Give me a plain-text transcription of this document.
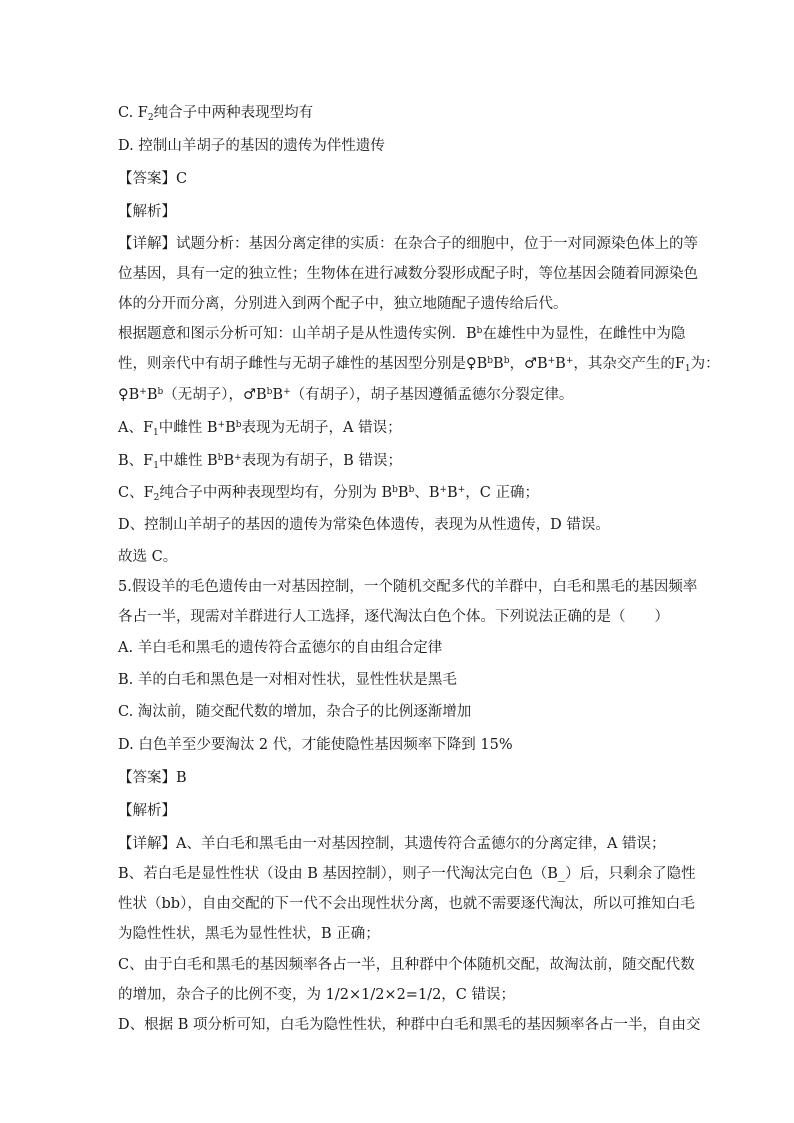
C. $F_2$纯合子中两种表现型均有
D. 控制山羊胡子的基因的遗传为伴性遗传
【答案】C
【解析】
【详解】试题分析：基因分离定律的实质：在杂合子的细胞中，位于一对同源染色体上的等
位基因，具有一定的独立性；生物体在进行减数分裂形成配子时，等位基因会随着同源染色
体的分开而分离，分别进入到两个配子中，独立地随配子遗传给后代。
根据题意和图示分析可知：山羊胡子是从性遗传实例．$B^b$在雄性中为显性，在雌性中为隐
性，则亲代中有胡子雌性与无胡子雄性的基因型分别是$♀B^bB^b$，♂B+B+，其杂交产生的$F_1$为：
$♀B^+B^b$（无胡子），$♂B^bB^+$（有胡子），胡子基因遵循孟德尔分裂定律。
A、$F_1$中雌性 $B^+B^b$表现为无胡子，A 错误；
B、$F_1$中雄性 $B^bB^+$表现为有胡子，B 错误；
C、$F_2$纯合子中两种表现型均有，分别为 $B^bB^b$、B+B+，C 正确；
D、控制山羊胡子的基因的遗传为常染色体遗传，表现为从性遗传，D 错误。
故选 C。
5.假设羊的毛色遗传由一对基因控制，一个随机交配多代的羊群中，白毛和黑毛的基因频率
各占一半，现需对羊群进行人工选择，逐代淘汰白色个体。下列说法正确的是（　　）
A. 羊白毛和黑毛的遗传符合孟德尔的自由组合定律
B. 羊的白毛和黑色是一对相对性状，显性性状是黑毛
C. 淘汰前，随交配代数的增加，杂合子的比例逐渐增加
D. 白色羊至少要淘汰 2 代，才能使隐性基因频率下降到 15%
【答案】B
【解析】
【详解】A、羊白毛和黑毛由一对基因控制，其遗传符合孟德尔的分离定律，A 错误；
B、若白毛是显性性状（设由 B 基因控制），则子一代淘汰完白色（B_）后，只剩余了隐性
性状（bb），自由交配的下一代不会出现性状分离，也就不需要逐代淘汰，所以可推知白毛
为隐性性状，黑毛为显性性状，B 正确；
C、由于白毛和黑毛的基因频率各占一半，且种群中个体随机交配，故淘汰前，随交配代数
的增加，杂合子的比例不变，为 1/2×1/2×2=1/2，C 错误；
D、根据 B 项分析可知，白毛为隐性性状，种群中白毛和黑毛的基因频率各占一半，自由交
